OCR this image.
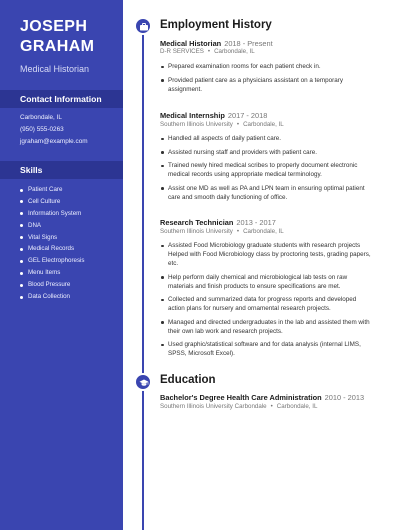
JOSEPH
GRAHAM
Medical Historian
Contact Information
Carbondale, IL
(950) 555-0263
jgraham@example.com
Skills
Patient Care
Cell Culture
Information System
DNA
Vital Signs
Medical Records
GEL Electrophoresis
Menu Items
Blood Pressure
Data Collection
Employment History
Medical Historian 2018 - Present
D-R SERVICES • Carbondale, IL
Prepared examination rooms for each patient check in.
Provided patient care as a physicians assistant on a temporary assignment.
Medical Internship 2017 - 2018
Southern Illinois University • Carbondale, IL
Handled all aspects of daily patient care.
Assisted nursing staff and providers with patient care.
Trained newly hired medical scribes to properly document electronic medical records using appropriate medical terminology.
Assist one MD as well as PA and LPN team in ensuring optimal patient care and smooth daily functioning of office.
Research Technician 2013 - 2017
Southern Illinois University • Carbondale, IL
Assisted Food Microbiology graduate students with research projects Helped with Food Microbiology class by proctoring tests, grading papers, etc.
Help perform daily chemical and microbiological lab tests on raw materials and finish products to ensure specifications are met.
Collected and summarized data for progress reports and developed action plans for nursery and ornamental research projects.
Managed and directed undergraduates in the lab and assisted them with their own lab work and research projects.
Used graphic/statistical software and for data analysis (internal LIMS, SPSS, Microsoft Excel).
Education
Bachelor's Degree Health Care Administration 2010 - 2013
Southern Illinois University Carbondale • Carbondale, IL
